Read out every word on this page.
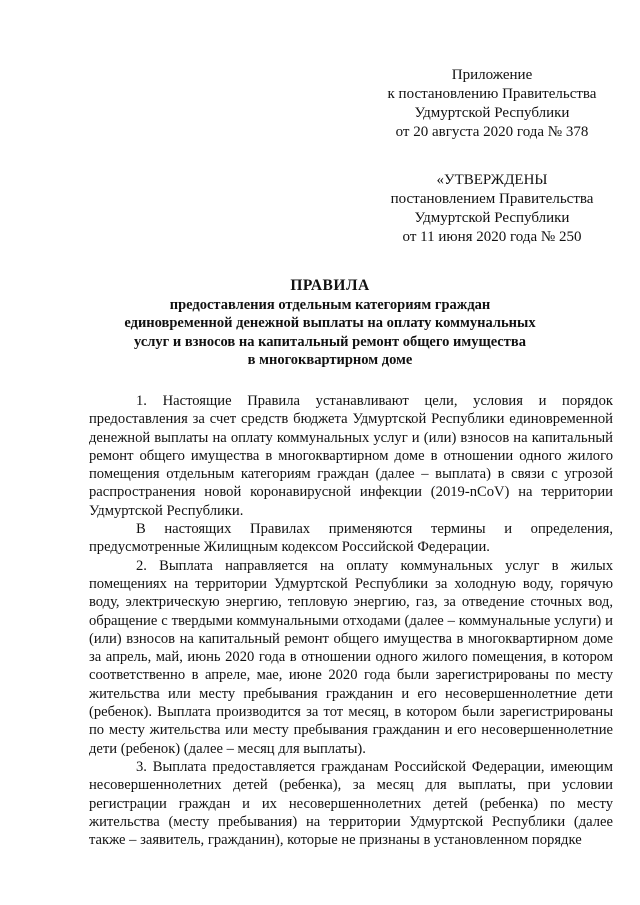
Приложение
к постановлению Правительства
Удмуртской Республики
от 20 августа 2020 года № 378
«УТВЕРЖДЕНЫ
постановлением Правительства
Удмуртской Республики
от 11 июня 2020 года № 250
ПРАВИЛА
предоставления отдельным категориям граждан
единовременной денежной выплаты на оплату коммунальных
услуг и взносов на капитальный ремонт общего имущества
в многоквартирном доме

1. Настоящие Правила устанавливают цели, условия и порядок предоставления за счет средств бюджета Удмуртской Республики единовременной денежной выплаты на оплату коммунальных услуг и (или) взносов на капитальный ремонт общего имущества в многоквартирном доме в отношении одного жилого помещения отдельным категориям граждан (далее – выплата) в связи с угрозой распространения новой коронавирусной инфекции (2019-nCoV) на территории Удмуртской Республики.

В настоящих Правилах применяются термины и определения, предусмотренные Жилищным кодексом Российской Федерации.

2. Выплата направляется на оплату коммунальных услуг в жилых помещениях на территории Удмуртской Республики за холодную воду, горячую воду, электрическую энергию, тепловую энергию, газ, за отведение сточных вод, обращение с твердыми коммунальными отходами (далее – коммунальные услуги) и (или) взносов на капитальный ремонт общего имущества в многоквартирном доме за апрель, май, июнь 2020 года в отношении одного жилого помещения, в котором соответственно в апреле, мае, июне 2020 года были зарегистрированы по месту жительства или месту пребывания гражданин и его несовершеннолетние дети (ребенок). Выплата производится за тот месяц, в котором были зарегистрированы по месту жительства или месту пребывания гражданин и его несовершеннолетние дети (ребенок) (далее – месяц для выплаты).

3. Выплата предоставляется гражданам Российской Федерации, имеющим несовершеннолетних детей (ребенка), за месяц для выплаты, при условии регистрации граждан и их несовершеннолетних детей (ребенка) по месту жительства (месту пребывания) на территории Удмуртской Республики (далее также – заявитель, гражданин), которые не признаны в установленном порядке
